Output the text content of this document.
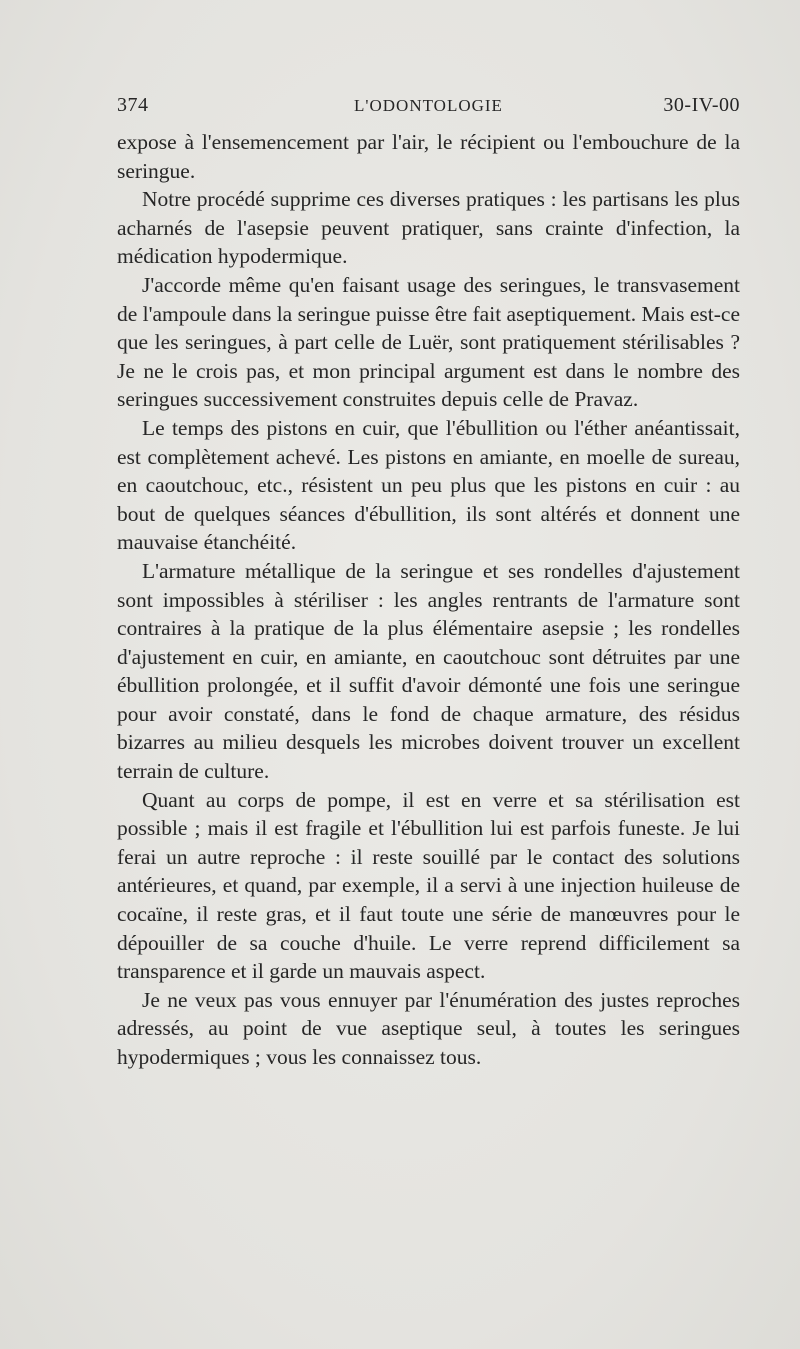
374	L'ODONTOLOGIE	30-IV-00

expose à l'ensemencement par l'air, le récipient ou l'embouchure de la seringue.

Notre procédé supprime ces diverses pratiques : les partisans les plus acharnés de l'asepsie peuvent pratiquer, sans crainte d'infection, la médication hypodermique.

J'accorde même qu'en faisant usage des seringues, le transvasement de l'ampoule dans la seringue puisse être fait aseptiquement. Mais est-ce que les seringues, à part celle de Luër, sont pratiquement stérilisables ? Je ne le crois pas, et mon principal argument est dans le nombre des seringues successivement construites depuis celle de Pravaz.

Le temps des pistons en cuir, que l'ébullition ou l'éther anéantissait, est complètement achevé. Les pistons en amiante, en moelle de sureau, en caoutchouc, etc., résistent un peu plus que les pistons en cuir : au bout de quelques séances d'ébullition, ils sont altérés et donnent une mauvaise étanchéité.

L'armature métallique de la seringue et ses rondelles d'ajustement sont impossibles à stériliser : les angles rentrants de l'armature sont contraires à la pratique de la plus élémentaire asepsie ; les rondelles d'ajustement en cuir, en amiante, en caoutchouc sont détruites par une ébullition prolongée, et il suffit d'avoir démonté une fois une seringue pour avoir constaté, dans le fond de chaque armature, des résidus bizarres au milieu desquels les microbes doivent trouver un excellent terrain de culture.

Quant au corps de pompe, il est en verre et sa stérilisation est possible ; mais il est fragile et l'ébullition lui est parfois funeste. Je lui ferai un autre reproche : il reste souillé par le contact des solutions antérieures, et quand, par exemple, il a servi à une injection huileuse de cocaïne, il reste gras, et il faut toute une série de manœuvres pour le dépouiller de sa couche d'huile. Le verre reprend difficilement sa transparence et il garde un mauvais aspect.

Je ne veux pas vous ennuyer par l'énumération des justes reproches adressés, au point de vue aseptique seul, à toutes les seringues hypodermiques ; vous les connaissez tous.
